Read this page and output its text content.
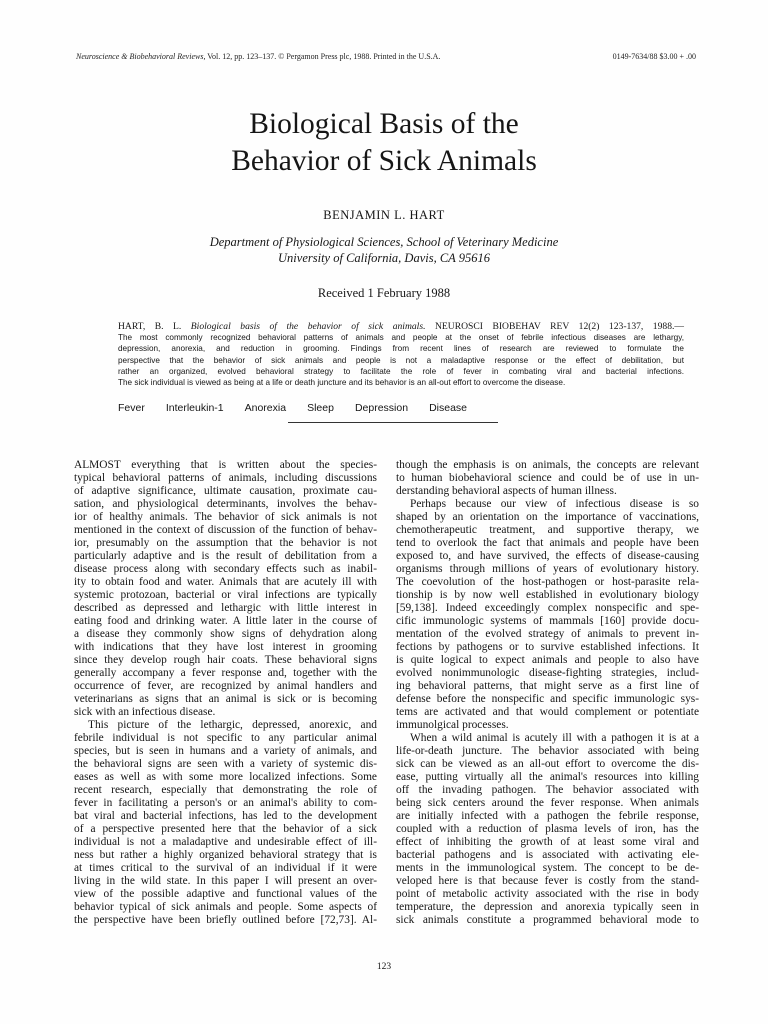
Neuroscience & Biobehavioral Reviews, Vol. 12, pp. 123–137. © Pergamon Press plc, 1988. Printed in the U.S.A.	0149-7634/88 $3.00 + .00
Biological Basis of the
Behavior of Sick Animals
BENJAMIN L. HART
Department of Physiological Sciences, School of Veterinary Medicine
University of California, Davis, CA 95616
Received 1 February 1988
HART, B. L. Biological basis of the behavior of sick animals. NEUROSCI BIOBEHAV REV 12(2) 123-137, 1988.—
The most commonly recognized behavioral patterns of animals and people at the onset of febrile infectious diseases are lethargy,
depression, anorexia, and reduction in grooming. Findings from recent lines of research are reviewed to formulate the
perspective that the behavior of sick animals and people is not a maladaptive response or the effect of debilitation, but
rather an organized, evolved behavioral strategy to facilitate the role of fever in combating viral and bacterial infections.
The sick individual is viewed as being at a life or death juncture and its behavior is an all-out effort to overcome the disease.
Fever Interleukin-1 Anorexia Sleep Depression Disease
ALMOST everything that is written about the species-
typical behavioral patterns of animals, including discussions
of adaptive significance, ultimate causation, proximate cau-
sation, and physiological determinants, involves the behav-
ior of healthy animals. The behavior of sick animals is not
mentioned in the context of discussion of the function of behav-
ior, presumably on the assumption that the behavior is not
particularly adaptive and is the result of debilitation from a
disease process along with secondary effects such as inabil-
ity to obtain food and water. Animals that are acutely ill with
systemic protozoan, bacterial or viral infections are typically
described as depressed and lethargic with little interest in
eating food and drinking water. A little later in the course of
a disease they commonly show signs of dehydration along
with indications that they have lost interest in grooming
since they develop rough hair coats. These behavioral signs
generally accompany a fever response and, together with the
occurrence of fever, are recognized by animal handlers and
veterinarians as signs that an animal is sick or is becoming
sick with an infectious disease.
This picture of the lethargic, depressed, anorexic, and
febrile individual is not specific to any particular animal
species, but is seen in humans and a variety of animals, and
the behavioral signs are seen with a variety of systemic dis-
eases as well as with some more localized infections. Some
recent research, especially that demonstrating the role of
fever in facilitating a person's or an animal's ability to com-
bat viral and bacterial infections, has led to the development
of a perspective presented here that the behavior of a sick
individual is not a maladaptive and undesirable effect of ill-
ness but rather a highly organized behavioral strategy that is
at times critical to the survival of an individual if it were
living in the wild state. In this paper I will present an over-
view of the possible adaptive and functional values of the
behavior typical of sick animals and people. Some aspects of
the perspective have been briefly outlined before [72,73]. Al-
though the emphasis is on animals, the concepts are relevant
to human biobehavioral science and could be of use in un-
derstanding behavioral aspects of human illness.
Perhaps because our view of infectious disease is so
shaped by an orientation on the importance of vaccinations,
chemotherapeutic treatment, and supportive therapy, we
tend to overlook the fact that animals and people have been
exposed to, and have survived, the effects of disease-causing
organisms through millions of years of evolutionary history.
The coevolution of the host-pathogen or host-parasite rela-
tionship is by now well established in evolutionary biology
[59,138]. Indeed exceedingly complex nonspecific and spe-
cific immunologic systems of mammals [160] provide docu-
mentation of the evolved strategy of animals to prevent in-
fections by pathogens or to survive established infections. It
is quite logical to expect animals and people to also have
evolved nonimmunologic disease-fighting strategies, includ-
ing behavioral patterns, that might serve as a first line of
defense before the nonspecific and specific immunologic sys-
tems are activated and that would complement or potentiate
immunolgical processes.
When a wild animal is acutely ill with a pathogen it is at a
life-or-death juncture. The behavior associated with being
sick can be viewed as an all-out effort to overcome the dis-
ease, putting virtually all the animal's resources into killing
off the invading pathogen. The behavior associated with
being sick centers around the fever response. When animals
are initially infected with a pathogen the febrile response,
coupled with a reduction of plasma levels of iron, has the
effect of inhibiting the growth of at least some viral and
bacterial pathogens and is associated with activating ele-
ments in the immunological system. The concept to be de-
veloped here is that because fever is costly from the stand-
point of metabolic activity associated with the rise in body
temperature, the depression and anorexia typically seen in
sick animals constitute a programmed behavioral mode to
123
